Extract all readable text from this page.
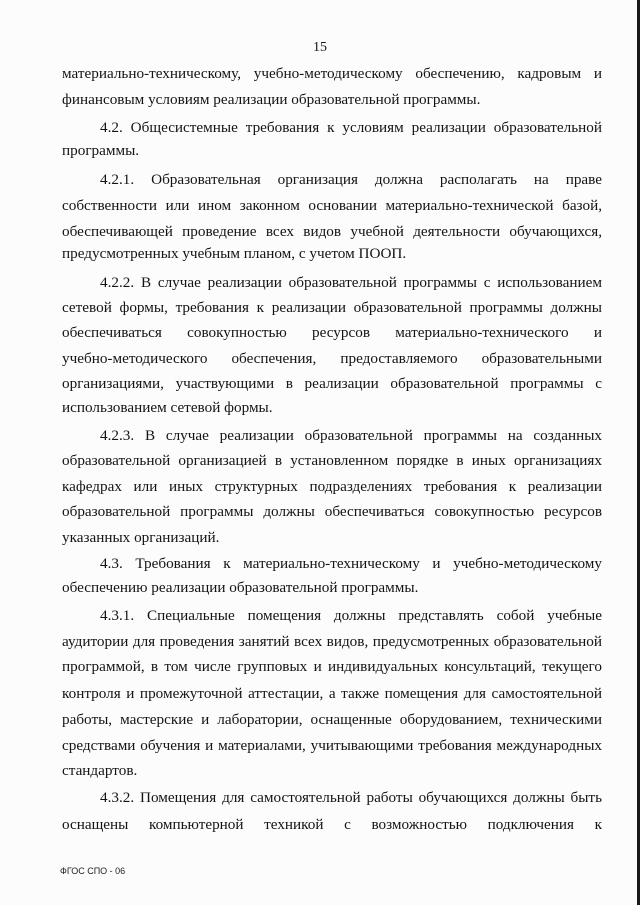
15
материально-техническому, учебно-методическому обеспечению, кадровым и
финансовым условиям реализации образовательной программы.
4.2. Общесистемные требования к условиям реализации образовательной
программы.
4.2.1. Образовательная организация должна располагать на праве
собственности или ином законном основании материально-технической базой,
обеспечивающей проведение всех видов учебной деятельности обучающихся,
предусмотренных учебным планом, с учетом ПООП.
4.2.2. В случае реализации образовательной программы с использованием
сетевой формы, требования к реализации образовательной программы должны
обеспечиваться совокупностью ресурсов материально-технического и
учебно-методического обеспечения, предоставляемого образовательными
организациями, участвующими в реализации образовательной программы с
использованием сетевой формы.
4.2.3. В случае реализации образовательной программы на созданных
образовательной организацией в установленном порядке в иных организациях
кафедрах или иных структурных подразделениях требования к реализации
образовательной программы должны обеспечиваться совокупностью ресурсов
указанных организаций.
4.3. Требования к материально-техническому и учебно-методическому
обеспечению реализации образовательной программы.
4.3.1. Специальные помещения должны представлять собой учебные
аудитории для проведения занятий всех видов, предусмотренных образовательной
программой, в том числе групповых и индивидуальных консультаций, текущего
контроля и промежуточной аттестации, а также помещения для самостоятельной
работы, мастерские и лаборатории, оснащенные оборудованием, техническими
средствами обучения и материалами, учитывающими требования международных
стандартов.
4.3.2. Помещения для самостоятельной работы обучающихся должны быть
оснащены компьютерной техникой с возможностью подключения к
ФГОС СПО - 06
